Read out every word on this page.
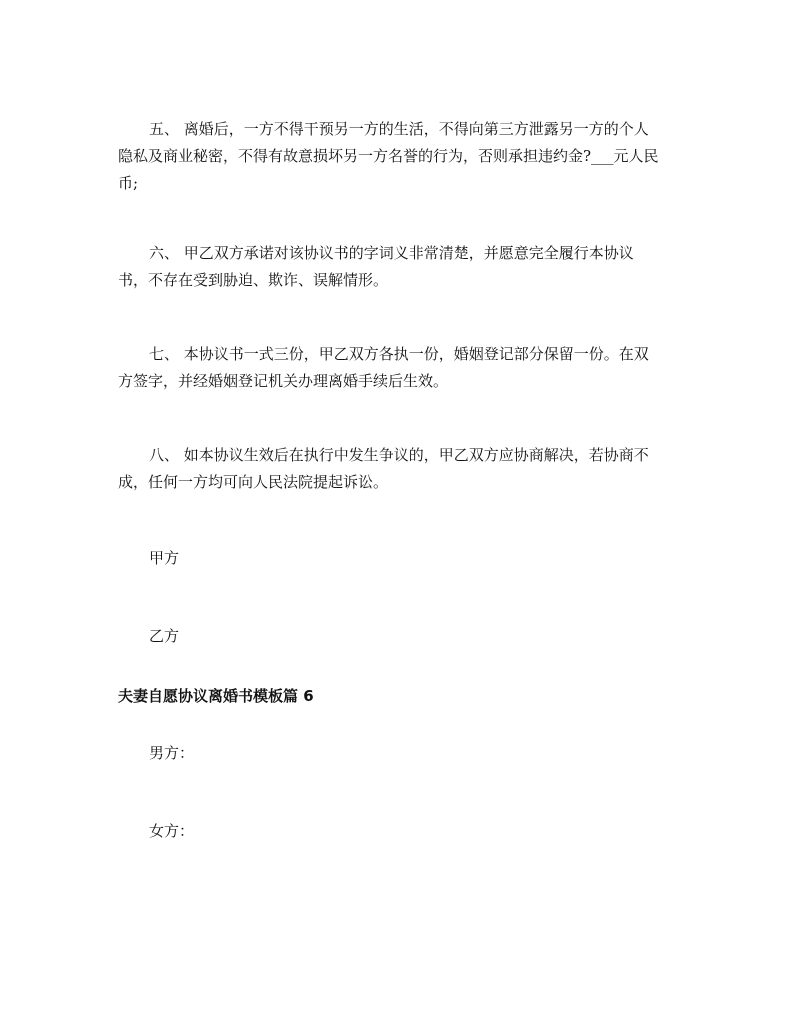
五、 离婚后，一方不得干预另一方的生活，不得向第三方泄露另一方的个人
隐私及商业秘密，不得有故意损坏另一方名誉的行为，否则承担违约金?___元人民
币;
六、 甲乙双方承诺对该协议书的字词义非常清楚，并愿意完全履行本协议
书，不存在受到胁迫、欺诈、误解情形。
七、 本协议书一式三份，甲乙双方各执一份，婚姻登记部分保留一份。在双
方签字，并经婚姻登记机关办理离婚手续后生效。
八、 如本协议生效后在执行中发生争议的，甲乙双方应协商解决，若协商不
成，任何一方均可向人民法院提起诉讼。

甲方

乙方

夫妻自愿协议离婚书模板篇 6

男方：

女方：
